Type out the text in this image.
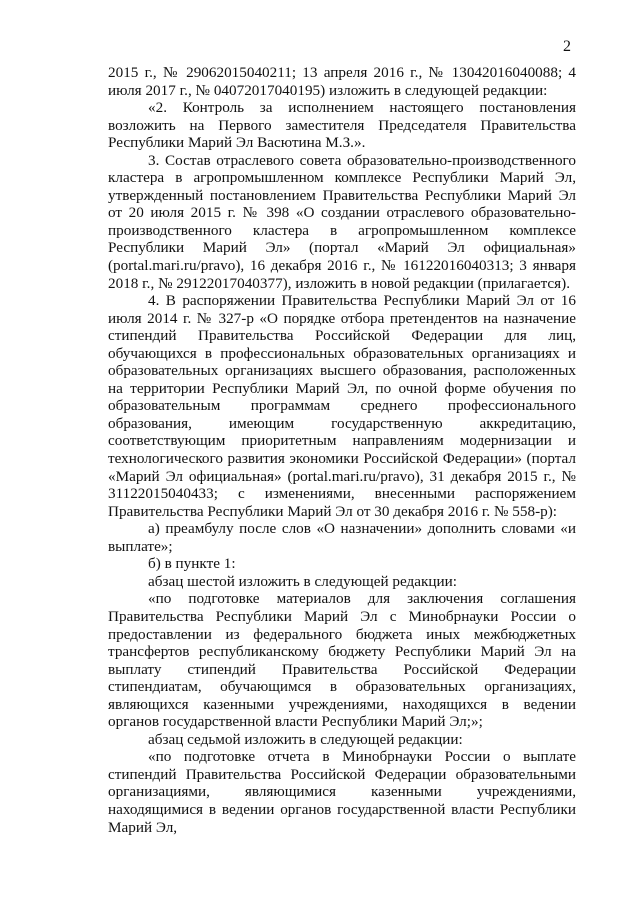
2

2015 г., № 29062015040211; 13 апреля 2016 г., № 13042016040088; 4 июля 2017 г., № 04072017040195) изложить в следующей редакции:

«2. Контроль за исполнением настоящего постановления возложить на Первого заместителя Председателя Правительства Республики Марий Эл Васютина М.З.».

3. Состав отраслевого совета образовательно-производственного кластера в агропромышленном комплексе Республики Марий Эл, утвержденный постановлением Правительства Республики Марий Эл от 20 июля 2015 г. № 398 «О создании отраслевого образовательно-производственного кластера в агропромышленном комплексе Республики Марий Эл» (портал «Марий Эл официальная» (portal.mari.ru/pravo), 16 декабря 2016 г., № 16122016040313; 3 января 2018 г., № 29122017040377), изложить в новой редакции (прилагается).

4. В распоряжении Правительства Республики Марий Эл от 16 июля 2014 г. № 327-р «О порядке отбора претендентов на назначение стипендий Правительства Российской Федерации для лиц, обучающихся в профессиональных образовательных организациях и образовательных организациях высшего образования, расположенных на территории Республики Марий Эл, по очной форме обучения по образовательным программам среднего профессионального образования, имеющим государственную аккредитацию, соответствующим приоритетным направлениям модернизации и технологического развития экономики Российской Федерации» (портал «Марий Эл официальная» (portal.mari.ru/pravo), 31 декабря 2015 г., № 31122015040433; с изменениями, внесенными распоряжением Правительства Республики Марий Эл от 30 декабря 2016 г. № 558-р):

а) преамбулу после слов «О назначении» дополнить словами «и выплате»;

б) в пункте 1:

абзац шестой изложить в следующей редакции:

«по подготовке материалов для заключения соглашения Правительства Республики Марий Эл с Минобрнауки России о предоставлении из федерального бюджета иных межбюджетных трансфертов республиканскому бюджету Республики Марий Эл на выплату стипендий Правительства Российской Федерации стипендиатам, обучающимся в образовательных организациях, являющихся казенными учреждениями, находящихся в ведении органов государственной власти Республики Марий Эл;»;

абзац седьмой изложить в следующей редакции:

«по подготовке отчета в Минобрнауки России о выплате стипендий Правительства Российской Федерации образовательными организациями, являющимися казенными учреждениями, находящимися в ведении органов государственной власти Республики Марий Эл,
